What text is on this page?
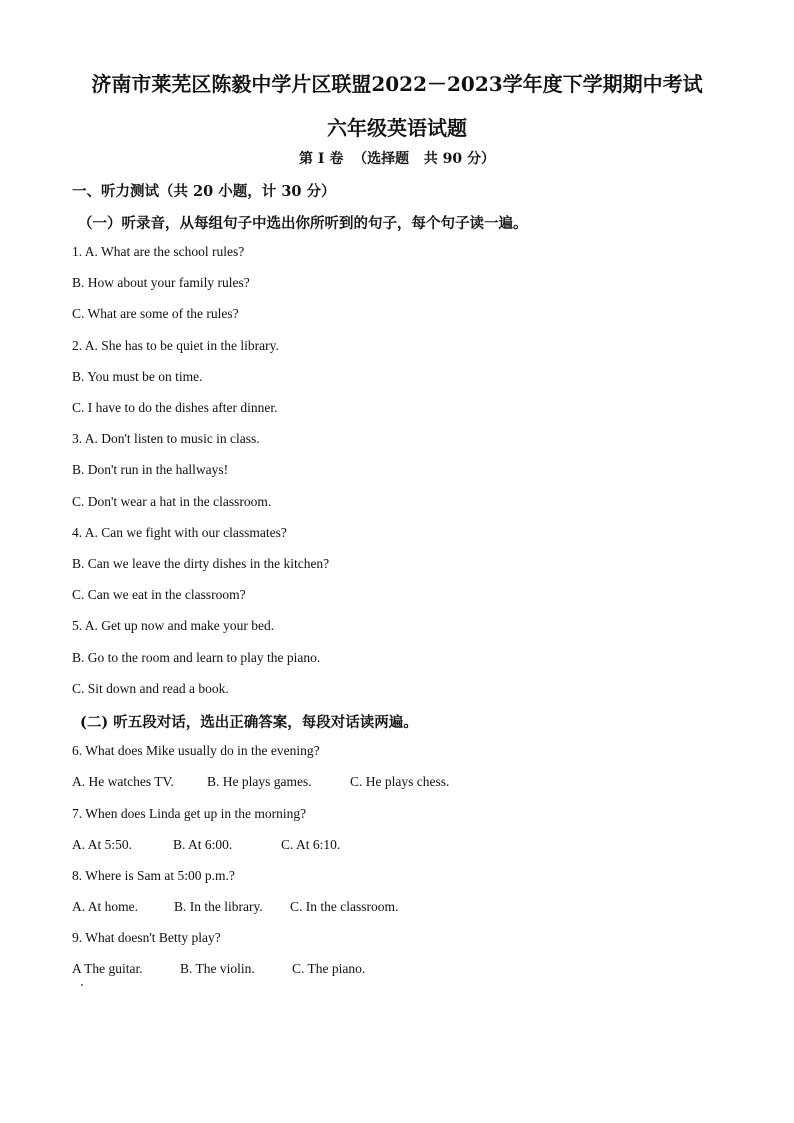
济南市莱芜区陈毅中学片区联盟2022－2023学年度下学期期中考试
六年级英语试题
第 I 卷  （选择题   共 90 分）
一、听力测试（共 20 小题，计 30 分）
（一）听录音，从每组句子中选出你所听到的句子，每个句子读一遍。
1. A. What are the school rules?
B. How about your family rules?
C. What are some of the rules?
2. A. She has to be quiet in the library.
B. You must be on time.
C. I have to do the dishes after dinner.
3. A. Don't listen to music in class.
B. Don't run in the hallways!
C. Don't wear a hat in the classroom.
4. A. Can we fight with our classmates?
B. Can we leave the dirty dishes in the kitchen?
C. Can we eat in the classroom?
5. A. Get up now and make your bed.
B. Go to the room and learn to play the piano.
C. Sit down and read a book.
(二) 听五段对话，选出正确答案，每段对话读两遍。
6. What does Mike usually do in the evening?
A. He watches TV. B. He plays games.	C. He plays chess.
7. When does Linda get up in the morning?
A. At 5:50.	B. At 6:00.	C. At 6:10.
8. Where is Sam at 5:00 p.m.?
A. At home.	B. In the library. C. In the classroom.
9. What doesn't Betty play?
A The guitar.	B. The violin.	C. The piano.
